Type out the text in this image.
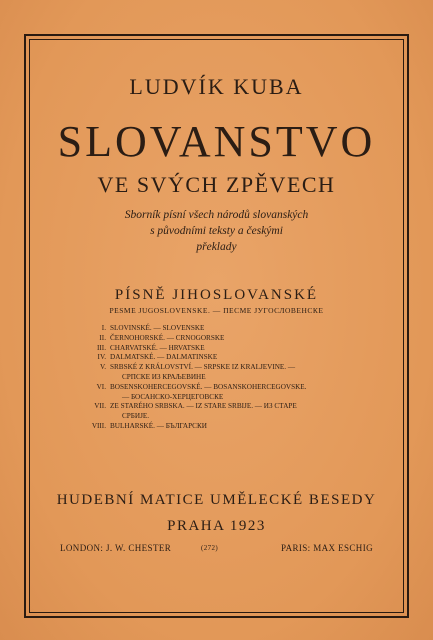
LUDVÍK KUBA
SLOVANSTVO
VE SVÝCH ZPĚVECH
Sborník písní všech národů slovanských
s původními teksty a českými
překlady
PÍSNĚ JIHOSLOVANSKÉ
PESME JUGOSLOVENSKE. — ПЕСМЕ ЈУГОСЛОВЕНСКЕ
I. SLOVINSKÉ. — SLOVENSKE
II. ČERNOHORSKÉ. — CRNOGORSKE
III. CHARVATSKÉ. — HRVATSKE
IV. DALMATSKÉ. — DALMATINSKE
V. SRBSKÉ Z KRÁLOVSTVÍ. — SRPSKE IZ KRALJEVINE. —
СРПСКЕ ИЗ КРАЉЕВИНЕ
VI. BOSENSKOHERCEGOVSKÉ. — BOSANSKOHERCEGOVSKE.
— БОСАНСКО-ХЕРЦЕГОВСКЕ
VII. ZE STARÉHO SRBSKA. — IZ STARE SRBIJE. — ИЗ СТАРЕ
СРБИЈЕ.
VIII. BULHARSKÉ. — БЪЛГАРСКИ
HUDEBNÍ MATICE UMĚLECKÉ BESEDY
PRAHA 1923
LONDON: J. W. CHESTER	(272)	PARIS: MAX ESCHIG
